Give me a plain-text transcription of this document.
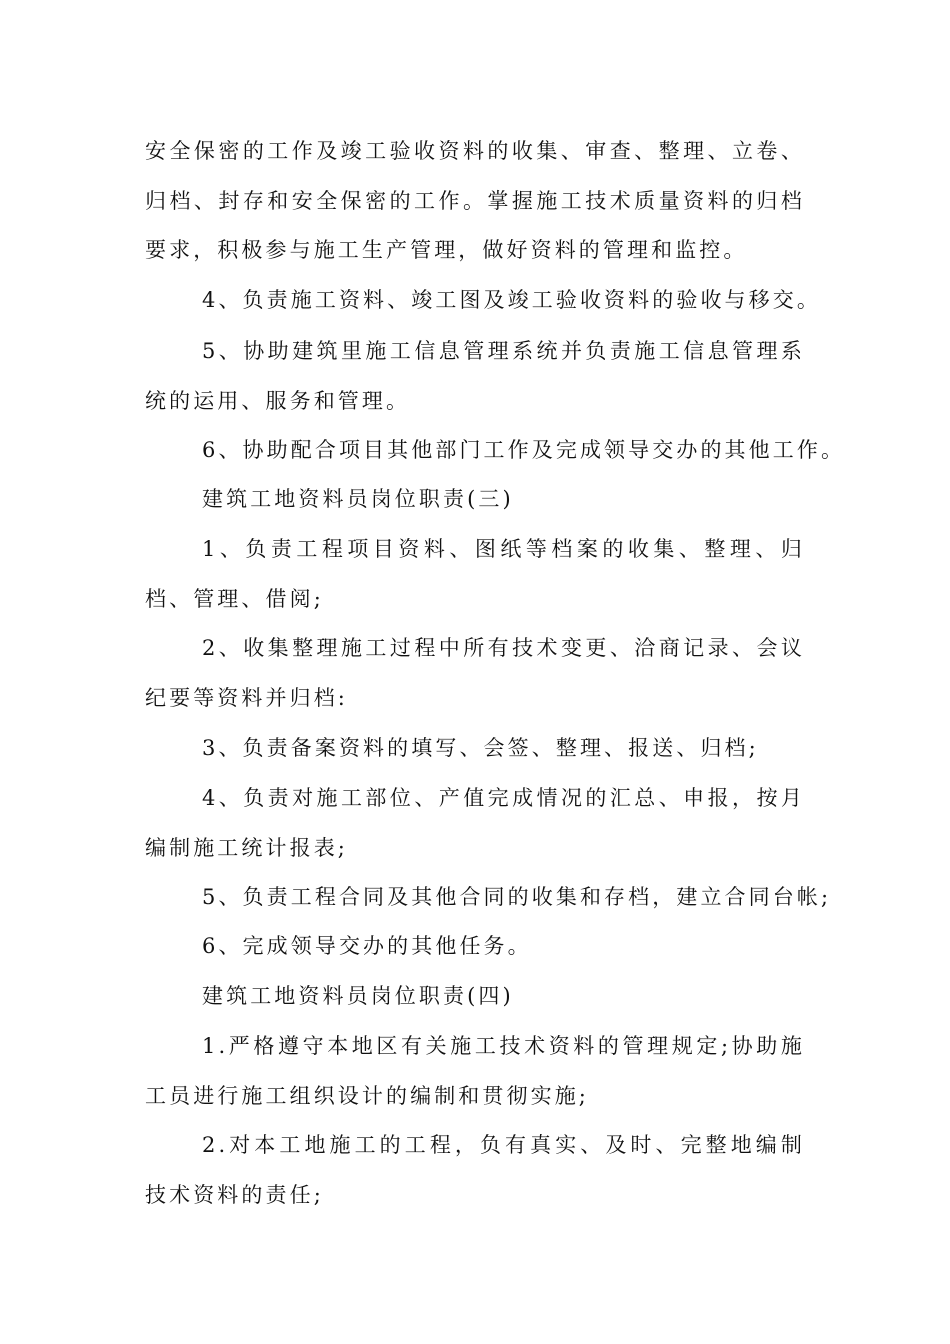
安全保密的工作及竣工验收资料的收集、审查、整理、立卷、归档、封存和安全保密的工作。掌握施工技术质量资料的归档要求，积极参与施工生产管理，做好资料的管理和监控。

4、负责施工资料、竣工图及竣工验收资料的验收与移交。

5、协助建筑里施工信息管理系统并负责施工信息管理系统的运用、服务和管理。

6、协助配合项目其他部门工作及完成领导交办的其他工作。

建筑工地资料员岗位职责(三)

1、负责工程项目资料、图纸等档案的收集、整理、归档、管理、借阅;

2、收集整理施工过程中所有技术变更、洽商记录、会议纪要等资料并归档:

3、负责备案资料的填写、会签、整理、报送、归档;

4、负责对施工部位、产值完成情况的汇总、申报，按月编制施工统计报表;

5、负责工程合同及其他合同的收集和存档，建立合同台帐;

6、完成领导交办的其他任务。

建筑工地资料员岗位职责(四)

1.严格遵守本地区有关施工技术资料的管理规定;协助施工员进行施工组织设计的编制和贯彻实施;

2.对本工地施工的工程，负有真实、及时、完整地编制技术资料的责任;
